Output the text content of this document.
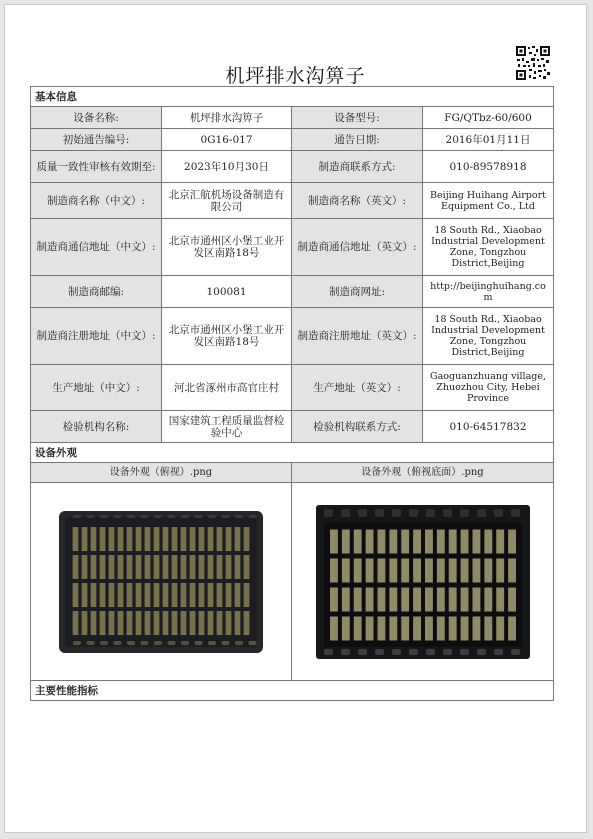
机坪排水沟箅子
基本信息			
设备名称:	机坪排水沟箅子	设备型号:	FG/QTbz-60/600
初始通告编号:	0G16-017	通告日期:	2016年01月11日
质量一致性审核有效期至:	2023年10月30日	制造商联系方式:	010-89578918
制造商名称（中文）:	北京汇航机场设备制造有限公司	制造商名称（英文）:	Beijing Huihang Airport Equipment Co., Ltd
制造商通信地址（中文）:	北京市通州区小堡工业开发区南路18号	制造商通信地址（英文）:	18 South Rd., Xiaobao Industrial Development Zone, Tongzhou District,Beijing
制造商邮编:	100081	制造商网址:	http://beijinghuihang.com
制造商注册地址（中文）:	北京市通州区小堡工业开发区南路18号	制造商注册地址（英文）:	18 South Rd., Xiaobao Industrial Development Zone, Tongzhou District,Beijing
生产地址（中文）:	河北省涿州市高官庄村	生产地址（英文）:	Gaoguanzhuang village, Zhuozhou City, Hebei Province
检验机构名称:	国家建筑工程质量监督检验中心	检验机构联系方式:	010-64517832
设备外观			
设备外观（俯视）.png		设备外观（俯视底面）.png	

主要性能指标			
